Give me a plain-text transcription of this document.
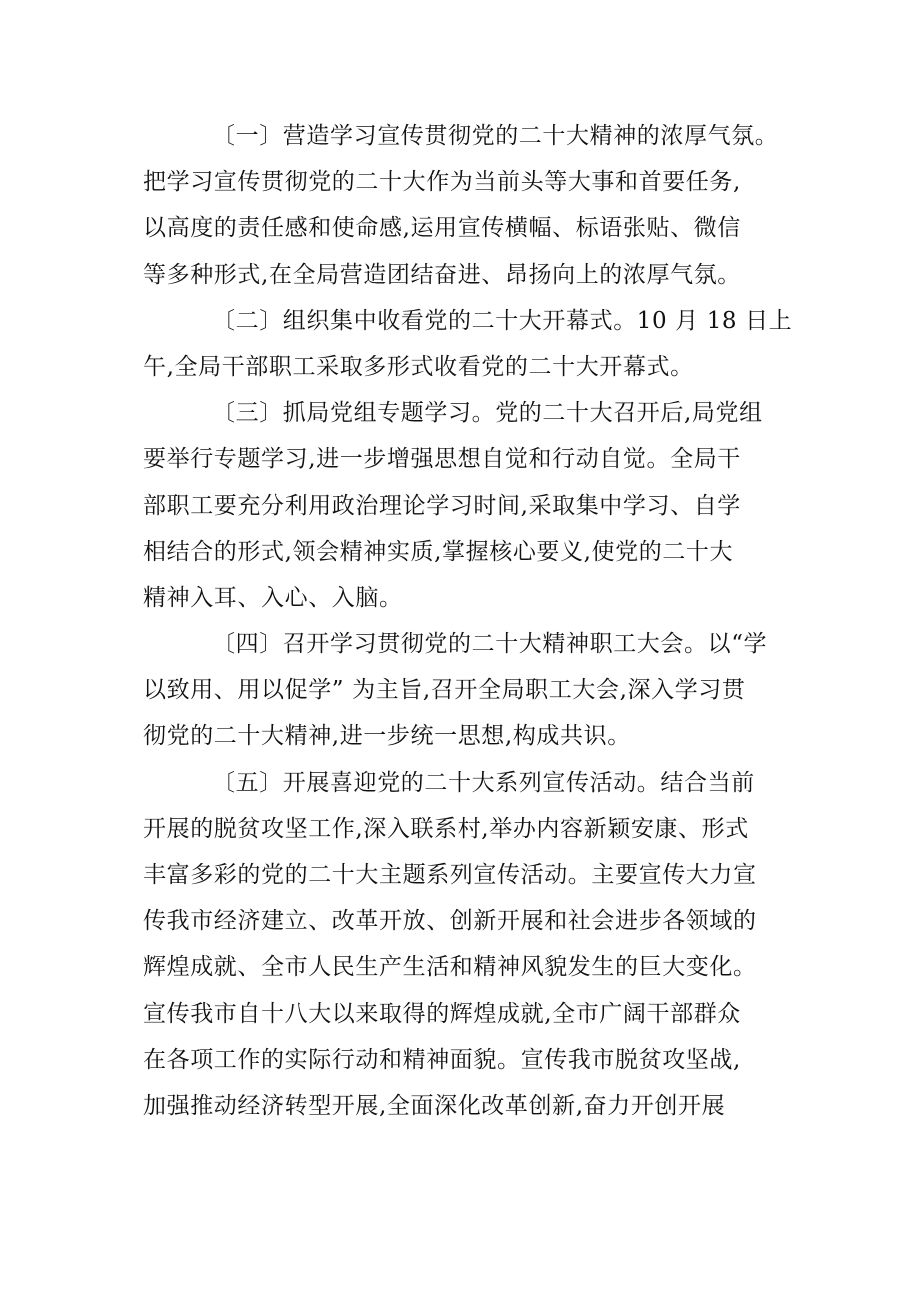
〔一〕营造学习宣传贯彻党的二十大精神的浓厚气氛。
把学习宣传贯彻党的二十大作为当前头等大事和首要任务,
以高度的责任感和使命感,运用宣传横幅、标语张贴、微信
等多种形式,在全局营造团结奋进、昂扬向上的浓厚气氛。
〔二〕组织集中收看党的二十大开幕式。10 月 18 日上
午,全局干部职工采取多形式收看党的二十大开幕式。
〔三〕抓局党组专题学习。党的二十大召开后,局党组
要举行专题学习,进一步增强思想自觉和行动自觉。全局干
部职工要充分利用政治理论学习时间,采取集中学习、自学
相结合的形式,领会精神实质,掌握核心要义,使党的二十大
精神入耳、入心、入脑。
〔四〕召开学习贯彻党的二十大精神职工大会。以“学
以致用、用以促学” 为主旨,召开全局职工大会,深入学习贯
彻党的二十大精神,进一步统一思想,构成共识。
〔五〕开展喜迎党的二十大系列宣传活动。结合当前
开展的脱贫攻坚工作,深入联系村,举办内容新颖安康、形式
丰富多彩的党的二十大主题系列宣传活动。主要宣传大力宣
传我市经济建立、改革开放、创新开展和社会进步各领域的
辉煌成就、全市人民生产生活和精神风貌发生的巨大变化。
宣传我市自十八大以来取得的辉煌成就,全市广阔干部群众
在各项工作的实际行动和精神面貌。宣传我市脱贫攻坚战,
加强推动经济转型开展,全面深化改革创新,奋力开创开展
